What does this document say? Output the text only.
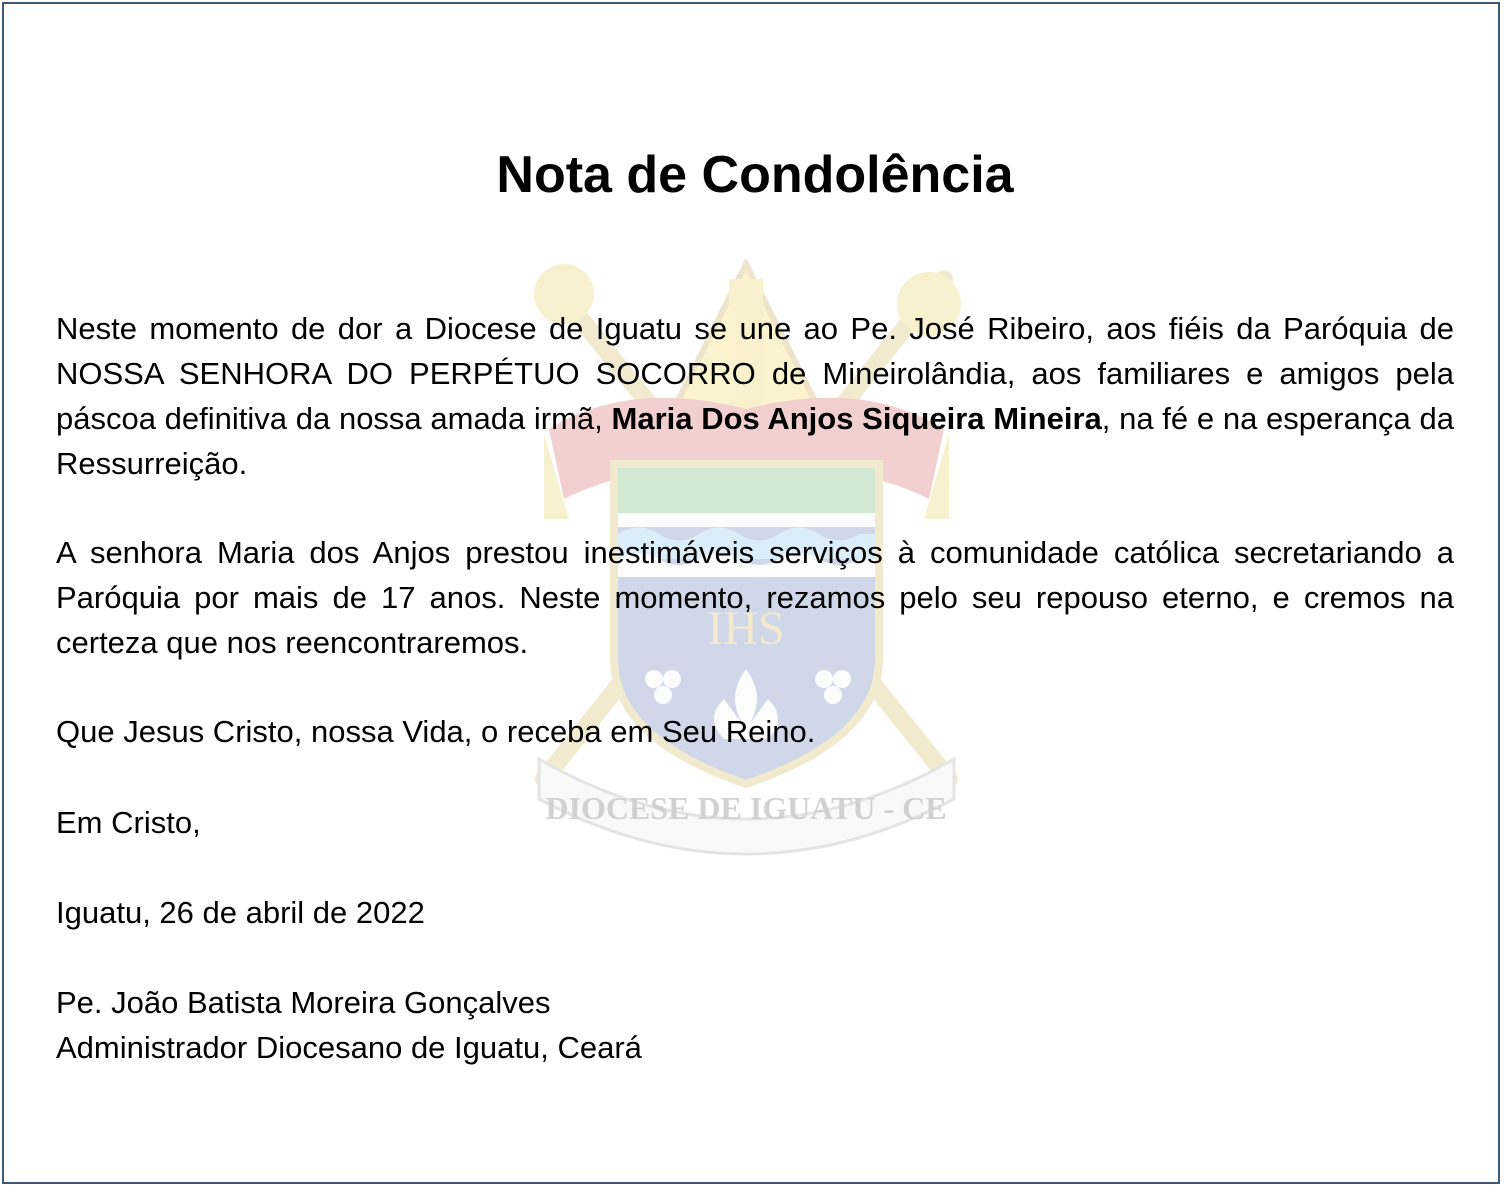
IHS
DIOCESE DE IGUATU - CE
Nota de Condolência

Neste momento de dor a Diocese de Iguatu se une ao Pe. José Ribeiro, aos fiéis da Paróquia de NOSSA SENHORA DO PERPÉTUO SOCORRO de Mineirolândia, aos familiares e amigos pela páscoa definitiva da nossa amada irmã, Maria Dos Anjos Siqueira Mineira, na fé e na esperança da Ressurreição.

A senhora Maria dos Anjos prestou inestimáveis serviços à comunidade católica secretariando a Paróquia por mais de 17 anos. Neste momento, rezamos pelo seu repouso eterno, e cremos na certeza que nos reencontraremos.

Que Jesus Cristo, nossa Vida, o receba em Seu Reino.

Em Cristo,

Iguatu, 26 de abril de 2022

Pe. João Batista Moreira Gonçalves

Administrador Diocesano de Iguatu, Ceará
